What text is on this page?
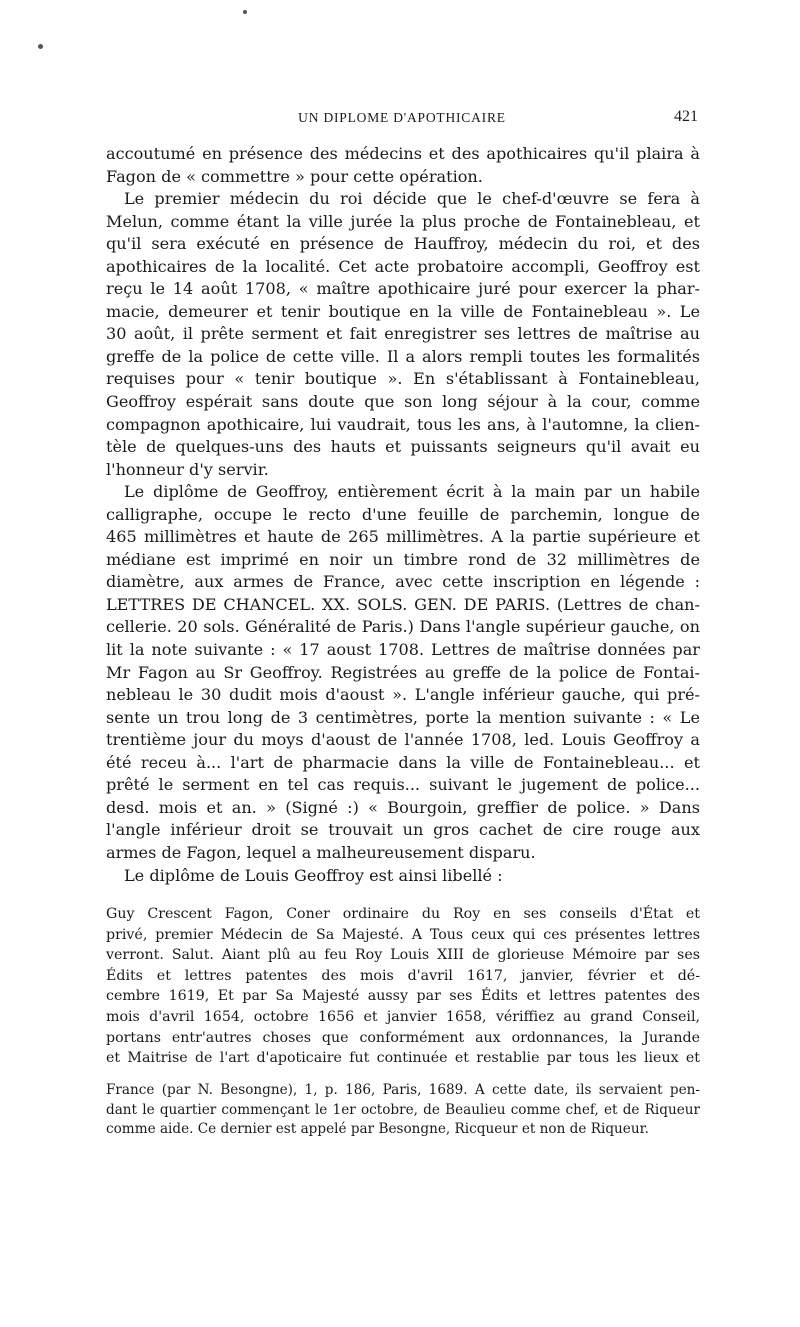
UN DIPLOME D'APOTHICAIRE	421
accoutumé en présence des médecins et des apothicaires qu'il plaira à
Fagon de « commettre » pour cette opération.
Le premier médecin du roi décide que le chef-d'œuvre se fera à
Melun, comme étant la ville jurée la plus proche de Fontainebleau, et
qu'il sera exécuté en présence de Hauffroy, médecin du roi, et des
apothicaires de la localité. Cet acte probatoire accompli, Geoffroy est
reçu le 14 août 1708, « maître apothicaire juré pour exercer la phar-
macie, demeurer et tenir boutique en la ville de Fontainebleau ». Le
30 août, il prête serment et fait enregistrer ses lettres de maîtrise au
greffe de la police de cette ville. Il a alors rempli toutes les formalités
requises pour « tenir boutique ». En s'établissant à Fontainebleau,
Geoffroy espérait sans doute que son long séjour à la cour, comme
compagnon apothicaire, lui vaudrait, tous les ans, à l'automne, la clien-
tèle de quelques-uns des hauts et puissants seigneurs qu'il avait eu
l'honneur d'y servir.
Le diplôme de Geoffroy, entièrement écrit à la main par un habile
calligraphe, occupe le recto d'une feuille de parchemin, longue de
465 millimètres et haute de 265 millimètres. A la partie supérieure et
médiane est imprimé en noir un timbre rond de 32 millimètres de
diamètre, aux armes de France, avec cette inscription en légende :
LETTRES DE CHANCEL. XX. SOLS. GEN. DE PARIS. (Lettres de chan-
cellerie. 20 sols. Généralité de Paris.) Dans l'angle supérieur gauche, on
lit la note suivante : « 17 aoust 1708. Lettres de maîtrise données par
Mr Fagon au Sr Geoffroy. Registrées au greffe de la police de Fontai-
nebleau le 30 dudit mois d'aoust ». L'angle inférieur gauche, qui pré-
sente un trou long de 3 centimètres, porte la mention suivante : « Le
trentième jour du moys d'aoust de l'année 1708, led. Louis Geoffroy a
été receu à... l'art de pharmacie dans la ville de Fontainebleau... et
prêté le serment en tel cas requis... suivant le jugement de police...
desd. mois et an. » (Signé :) « Bourgoin, greffier de police. » Dans
l'angle inférieur droit se trouvait un gros cachet de cire rouge aux
armes de Fagon, lequel a malheureusement disparu.
Le diplôme de Louis Geoffroy est ainsi libellé :
Guy Crescent Fagon, Coner ordinaire du Roy en ses conseils d'État et
privé, premier Médecin de Sa Majesté. A Tous ceux qui ces présentes lettres
verront. Salut. Aiant plû au feu Roy Louis XIII de glorieuse Mémoire par ses
Édits et lettres patentes des mois d'avril 1617, janvier, février et dé-
cembre 1619, Et par Sa Majesté aussy par ses Édits et lettres patentes des
mois d'avril 1654, octobre 1656 et janvier 1658, vériffiez au grand Conseil,
portans entr'autres choses que conformément aux ordonnances, la Jurande
et Maitrise de l'art d'apoticaire fut continuée et restablie par tous les lieux et
France (par N. Besongne), 1, p. 186, Paris, 1689. A cette date, ils servaient pen-
dant le quartier commençant le 1er octobre, de Beaulieu comme chef, et de Riqueur
comme aide. Ce dernier est appelé par Besongne, Ricqueur et non de Riqueur.
